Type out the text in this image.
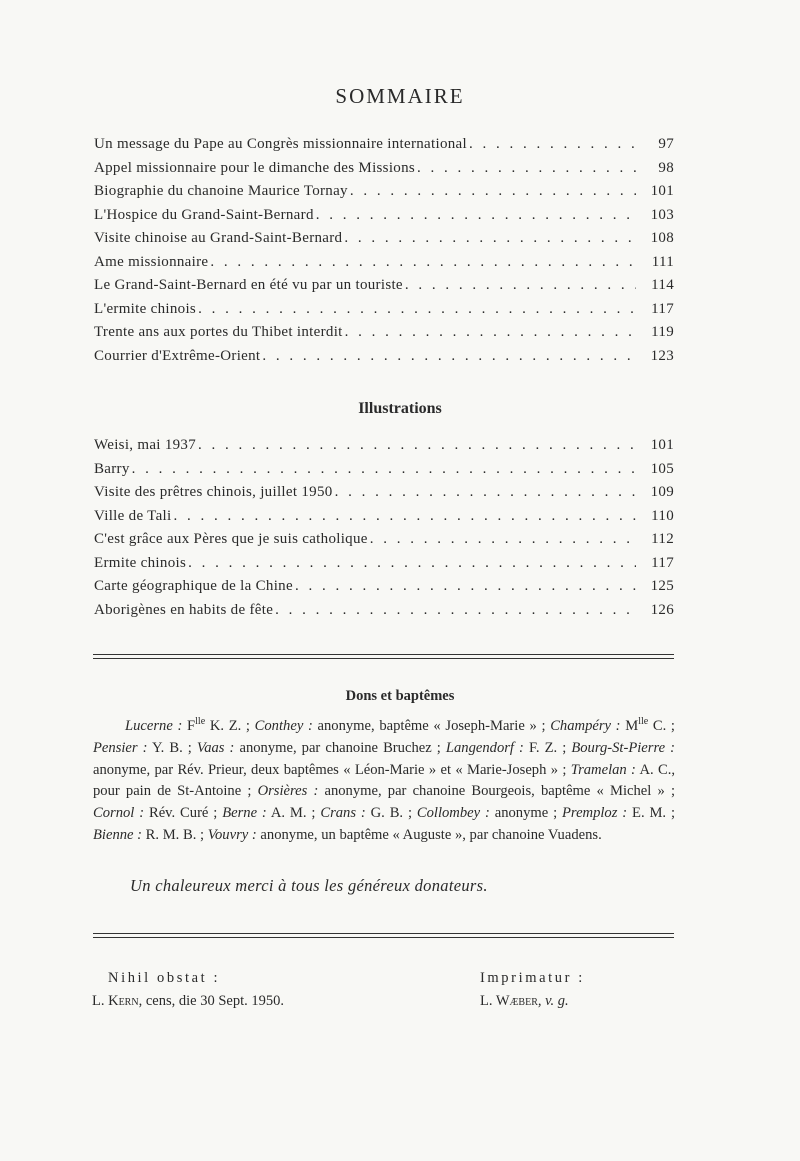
SOMMAIRE
Un message du Pape au Congrès missionnaire international . . .	97
Appel missionnaire pour le dimanche des Missions . . .	98
Biographie du chanoine Maurice Tornay . . .	101
L'Hospice du Grand-Saint-Bernard . . .	103
Visite chinoise au Grand-Saint-Bernard . . .	108
Ame missionnaire . . .	111
Le Grand-Saint-Bernard en été vu par un touriste . . .	114
L'ermite chinois . . .	117
Trente ans aux portes du Thibet interdit . . .	119
Courrier d'Extrême-Orient . . .	123
Illustrations
Weisi, mai 1937 . . .	101
Barry . . .	105
Visite des prêtres chinois, juillet 1950 . . .	109
Ville de Tali . . .	110
C'est grâce aux Pères que je suis catholique . . .	112
Ermite chinois . . .	117
Carte géographique de la Chine . . .	125
Aborigènes en habits de fête . . .	126
Dons et baptêmes
Lucerne : $F^{lle}$ K. Z. ; Conthey : anonyme, baptême « Joseph-Marie » ; Champéry : $M^{lle}$ C. ; Pensier : Y. B. ; Vaas : anonyme, par chanoine Bruchez ; Langendorf : F. Z. ; Bourg-St-Pierre : anonyme, par Rév. Prieur, deux baptêmes « Léon-Marie » et « Marie-Joseph » ; Tramelan : A. C., pour pain de St-Antoine ; Orsières : anonyme, par chanoine Bourgeois, baptême « Michel » ; Cornol : Rév. Curé ; Berne : A. M. ; Crans : G. B. ; Collombey : anonyme ; Premploz : E. M. ; Bienne : R. M. B. ; Vouvry : anonyme, un baptême « Auguste », par chanoine Vuadens.
Un chaleureux merci à tous les généreux donateurs.
Nihil obstat :
L. Kern, cens, die 30 Sept. 1950.
Imprimatur :
L. Wæber, v. g.
